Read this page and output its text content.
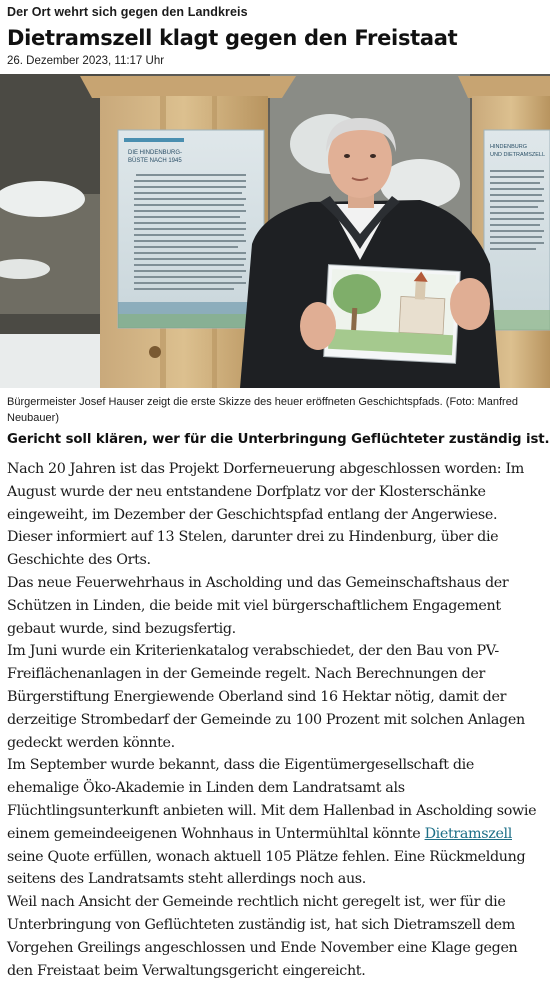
Der Ort wehrt sich gegen den Landkreis
Dietramszell klagt gegen den Freistaat
26. Dezember 2023, 11:17 Uhr
DIE HINDENBURG-
BÜSTE NACH 1945
HINDENBURG
UND DIETRAMSZELL
Bürgermeister Josef Hauser zeigt die erste Skizze des heuer eröffneten Geschichtspfads. (Foto: Manfred Neubauer)
Gericht soll klären, wer für die Unterbringung Geflüchteter zuständig ist.

Nach 20 Jahren ist das Projekt Dorferneuerung abgeschlossen worden: Im August wurde der neu entstandene Dorfplatz vor der Klosterschänke eingeweiht, im Dezember der Geschichtspfad entlang der Angerwiese. Dieser informiert auf 13 Stelen, darunter drei zu Hindenburg, über die Geschichte des Orts.

Das neue Feuerwehrhaus in Ascholding und das Gemeinschaftshaus der Schützen in Linden, die beide mit viel bürgerschaftlichem Engagement gebaut wurde, sind bezugsfertig.

Im Juni wurde ein Kriterienkatalog verabschiedet, der den Bau von PV-Freiflächenanlagen in der Gemeinde regelt. Nach Berechnungen der Bürgerstiftung Energiewende Oberland sind 16 Hektar nötig, damit der derzeitige Strombedarf der Gemeinde zu 100 Prozent mit solchen Anlagen gedeckt werden könnte.

Im September wurde bekannt, dass die Eigentümergesellschaft die ehemalige Öko-Akademie in Linden dem Landratsamt als Flüchtlingsunterkunft anbieten will. Mit dem Hallenbad in Ascholding sowie einem gemeindeeigenen Wohnhaus in Untermühltal könnte Dietramszell seine Quote erfüllen, wonach aktuell 105 Plätze fehlen. Eine Rückmeldung seitens des Landratsamts steht allerdings noch aus.

Weil nach Ansicht der Gemeinde rechtlich nicht geregelt ist, wer für die Unterbringung von Geflüchteten zuständig ist, hat sich Dietramszell dem Vorgehen Greilings angeschlossen und Ende November eine Klage gegen den Freistaat beim Verwaltungsgericht eingereicht.
